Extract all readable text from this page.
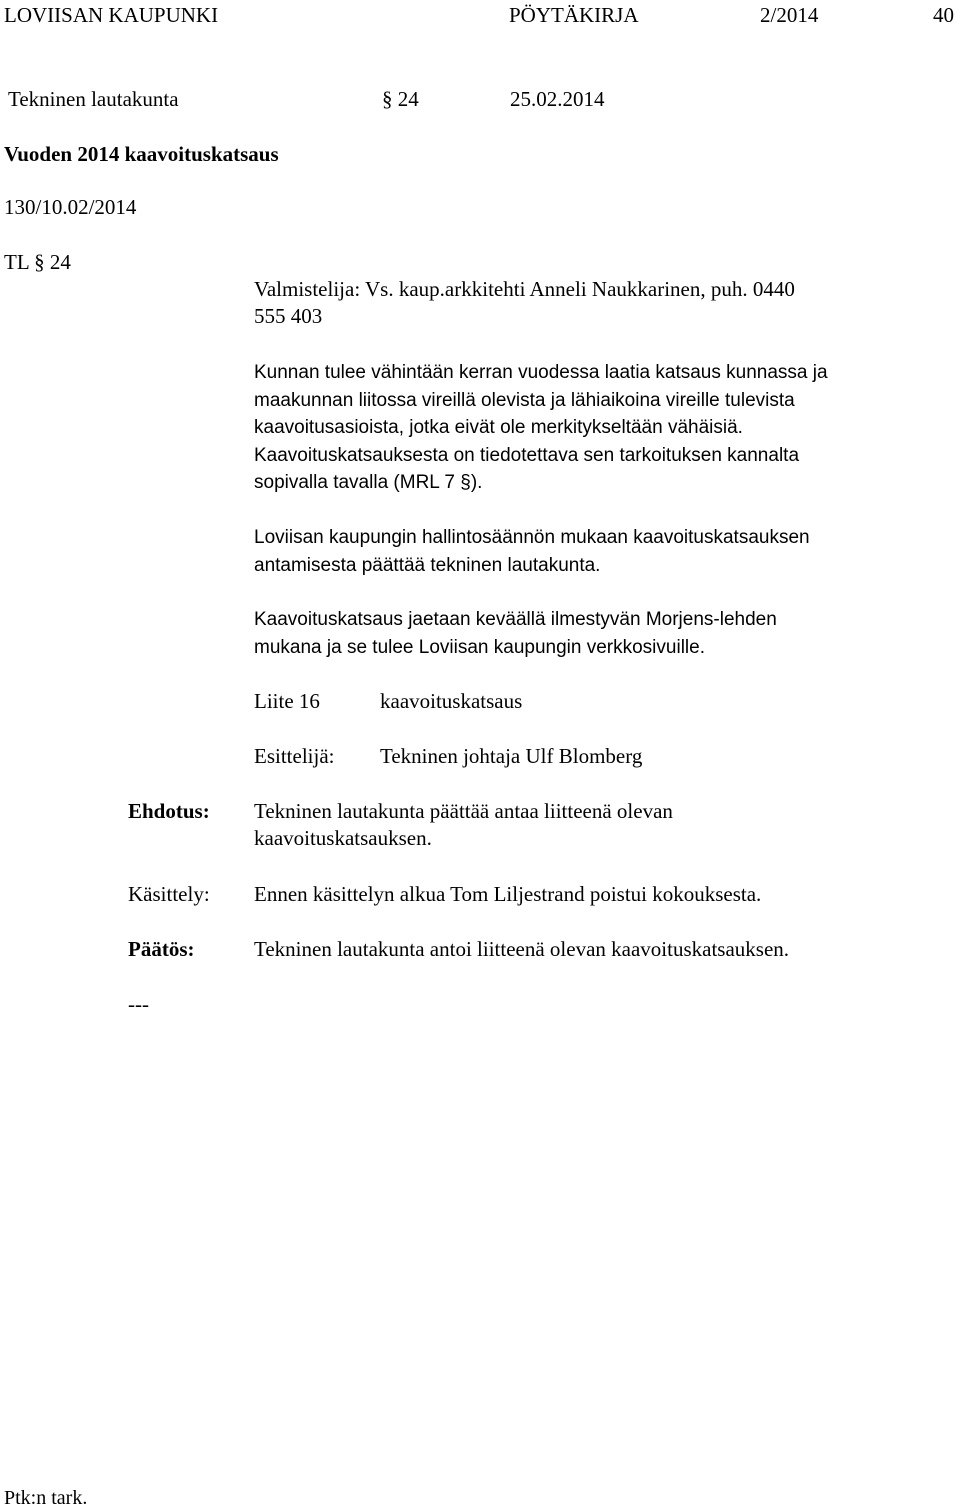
LOVIISAN KAUPUNKI	PÖYTÄKIRJA	2/2014	40
Tekninen lautakunta	§ 24	25.02.2014
Vuoden 2014 kaavoituskatsaus
130/10.02/2014
TL § 24
Valmistelija: Vs. kaup.arkkitehti Anneli Naukkarinen, puh. 0440
555 403
Kunnan tulee vähintään kerran vuodessa laatia katsaus kunnassa ja
maakunnan liitossa vireillä olevista ja lähiaikoina vireille tulevista
kaavoitusasioista, jotka eivät ole merkitykseltään vähäisiä.
Kaavoituskatsauksesta on tiedotettava sen tarkoituksen kannalta
sopivalla tavalla (MRL 7 §).
Loviisan kaupungin hallintosäännön mukaan kaavoituskatsauksen
antamisesta päättää tekninen lautakunta.
Kaavoituskatsaus jaetaan keväällä ilmestyvän Morjens-lehden
mukana ja se tulee Loviisan kaupungin verkkosivuille.
Liite 16	kaavoituskatsaus
Esittelijä: Tekninen johtaja Ulf Blomberg
Ehdotus: Tekninen lautakunta päättää antaa liitteenä olevan
kaavoituskatsauksen.
Käsittely: Ennen käsittelyn alkua Tom Liljestrand poistui kokouksesta.
Päätös:	Tekninen lautakunta antoi liitteenä olevan kaavoituskatsauksen.
---
Ptk:n tark.
